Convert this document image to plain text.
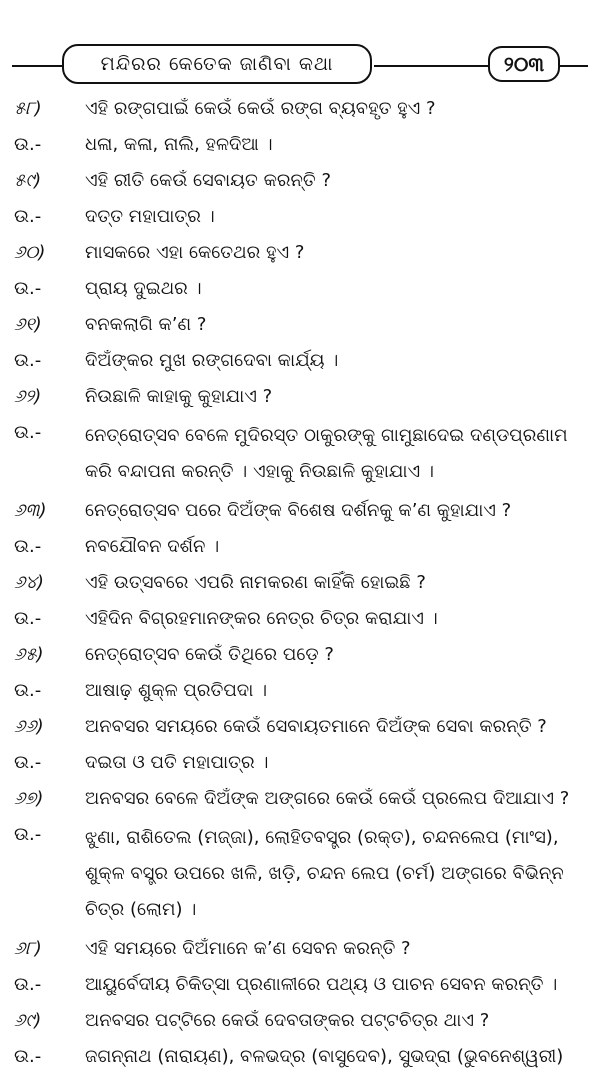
ମନ୍ଦିରର କେତେକ ଜାଣିବା କଥା	୨୦୩
୫୮)	ଏହି ରଙ୍ଗପାଇଁ କେଉଁ କେଉଁ ରଙ୍ଗ ବ୍ୟବହୃତ ହୁଏ ?
ଉ.-	ଧଳା, କଳା, ନାଲି, ହଳଦିଆ ।
୫୯)	ଏହି ରୀତି କେଉଁ ସେବାୟତ କରନ୍ତି ?
ଉ.-	ଦତ୍ତ ମହାପାତ୍ର ।
୬୦)	ମାସକରେ ଏହା କେତେଥର ହୁଏ ?
ଉ.-	ପ୍ରାୟ ଦୁଇଥର ।
୬୧)	ବନକଲାଗି କ’ଣ ?
ଉ.-	ଦିଅଁଙ୍କର ମୁଖ ରଙ୍ଗଦେବା କାର୍ଯ୍ୟ ।
୬୨)	ନିଉଛାଳି କାହାକୁ କୁହାଯାଏ ?
ଉ.-	ନେତ୍ରୋତ୍ସବ ବେଳେ ମୁଦିରସ୍ତ ଠାକୁରଙ୍କୁ ଗାମୁଛାଦେଇ ଦଣ୍ଡପ୍ରଣାମ କରି ବନ୍ଦାପନା କରନ୍ତି । ଏହାକୁ ନିଉଛାଳି କୁହାଯାଏ ।
୬୩)	ନେତ୍ରୋତ୍ସବ ପରେ ଦିଅଁଙ୍କ ବିଶେଷ ଦର୍ଶନକୁ କ’ଣ କୁହାଯାଏ ?
ଉ.-	ନବଯୌବନ ଦର୍ଶନ ।
୬୪)	ଏହି ଉତ୍ସବରେ ଏପରି ନାମକରଣ କାହିଁକି ହୋଇଛି ?
ଉ.-	ଏହିଦିନ ବିଗ୍ରହମାନଙ୍କର ନେତ୍ର ଚିତ୍ର କରାଯାଏ ।
୬୫)	ନେତ୍ରୋତ୍ସବ କେଉଁ ତିଥିରେ ପଡ଼େ ?
ଉ.-	ଆଷାଢ଼ ଶୁକ୍ଳ ପ୍ରତିପଦା ।
୬୬)	ଅନବସର ସମୟରେ କେଉଁ ସେବାୟତମାନେ ଦିଅଁଙ୍କ ସେବା କରନ୍ତି ?
ଉ.-	ଦଇତା ଓ ପତି ମହାପାତ୍ର ।
୬୭)	ଅନବସର ବେଳେ ଦିଅଁଙ୍କ ଅଙ୍ଗରେ କେଉଁ କେଉଁ ପ୍ରଲେପ ଦିଆଯାଏ ?
ଉ.-	ଝୁଣା, ରାଶିତେଲ (ମଜ୍ଜା), ଲୋହିତବସ୍ତ୍ର (ରକ୍ତ), ଚନ୍ଦନଲେପ (ମାଂସ), ଶୁକ୍ଳ ବସ୍ତ୍ର ଉପରେ ଖଳି, ଖଡ଼ି, ଚନ୍ଦନ ଲେପ (ଚର୍ମ) ଅଙ୍ଗରେ ବିଭିନ୍ନ ଚିତ୍ର (ଲୋମ) ।
୬୮)	ଏହି ସମୟରେ ଦିଅଁମାନେ କ’ଣ ସେବନ କରନ୍ତି ?
ଉ.-	ଆୟୁର୍ବେଦୀୟ ଚିକିତ୍ସା ପ୍ରଣାଳୀରେ ପଥ୍ୟ ଓ ପାଚନ ସେବନ କରନ୍ତି ।
୬୯)	ଅନବସର ପଟ୍ଟିରେ କେଉଁ ଦେବତାଙ୍କର ପଟ୍ଟଚିତ୍ର ଥାଏ ?
ଉ.-	ଜଗନ୍ନାଥ (ନାରାୟଣ), ବଳଭଦ୍ର (ବାସୁଦେବ), ସୁଭଦ୍ରା (ଭୁବନେଶ୍ୱରୀ)
